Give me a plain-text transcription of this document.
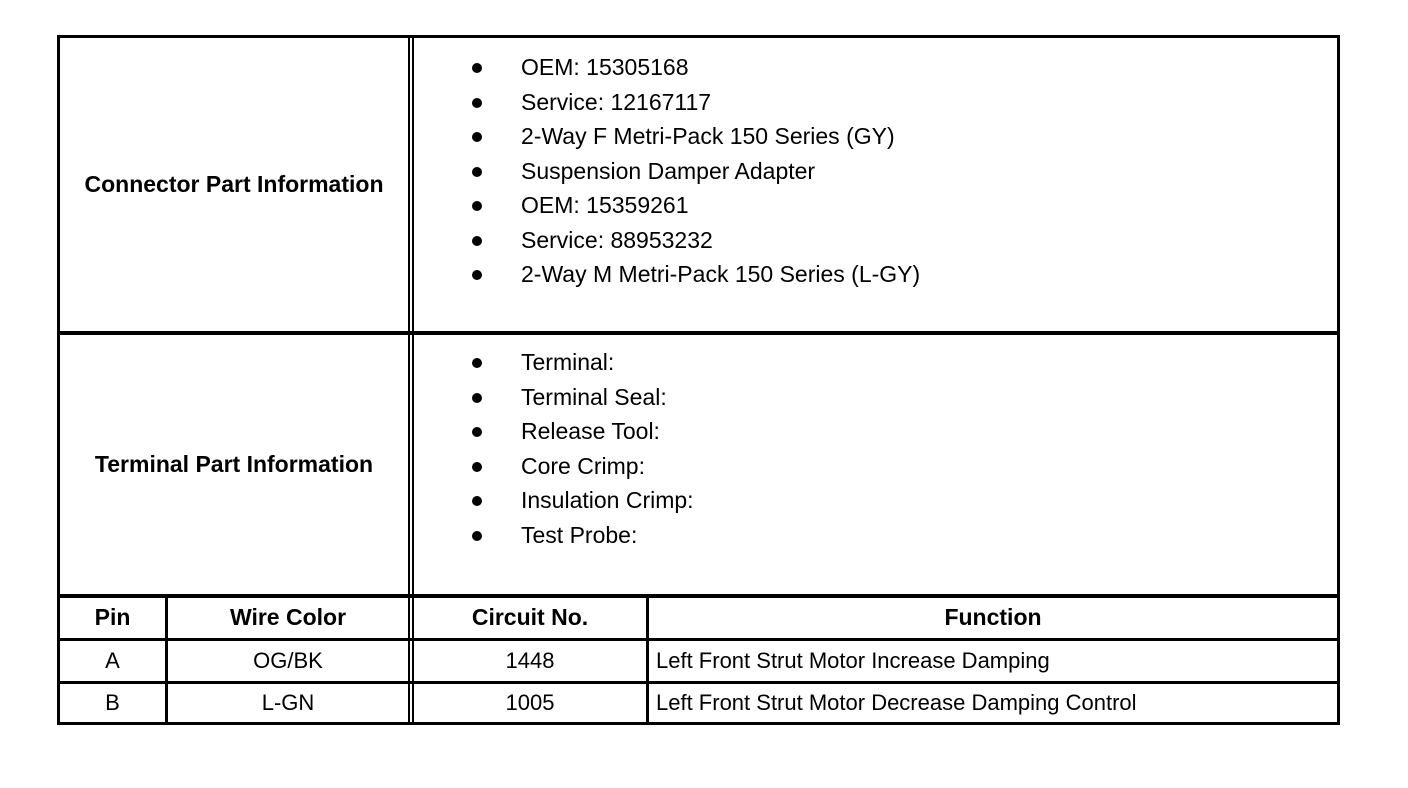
Connector Part Information
OEM: 15305168
Service: 12167117
2-Way F Metri-Pack 150 Series (GY)
Suspension Damper Adapter
OEM: 15359261
Service: 88953232
2-Way M Metri-Pack 150 Series (L-GY)
Terminal Part Information
Terminal:
Terminal Seal:
Release Tool:
Core Crimp:
Insulation Crimp:
Test Probe:
Pin	Wire Color	Circuit No.	Function
A	OG/BK	1448	Left Front Strut Motor Increase Damping
B	L-GN	1005	Left Front Strut Motor Decrease Damping Control
